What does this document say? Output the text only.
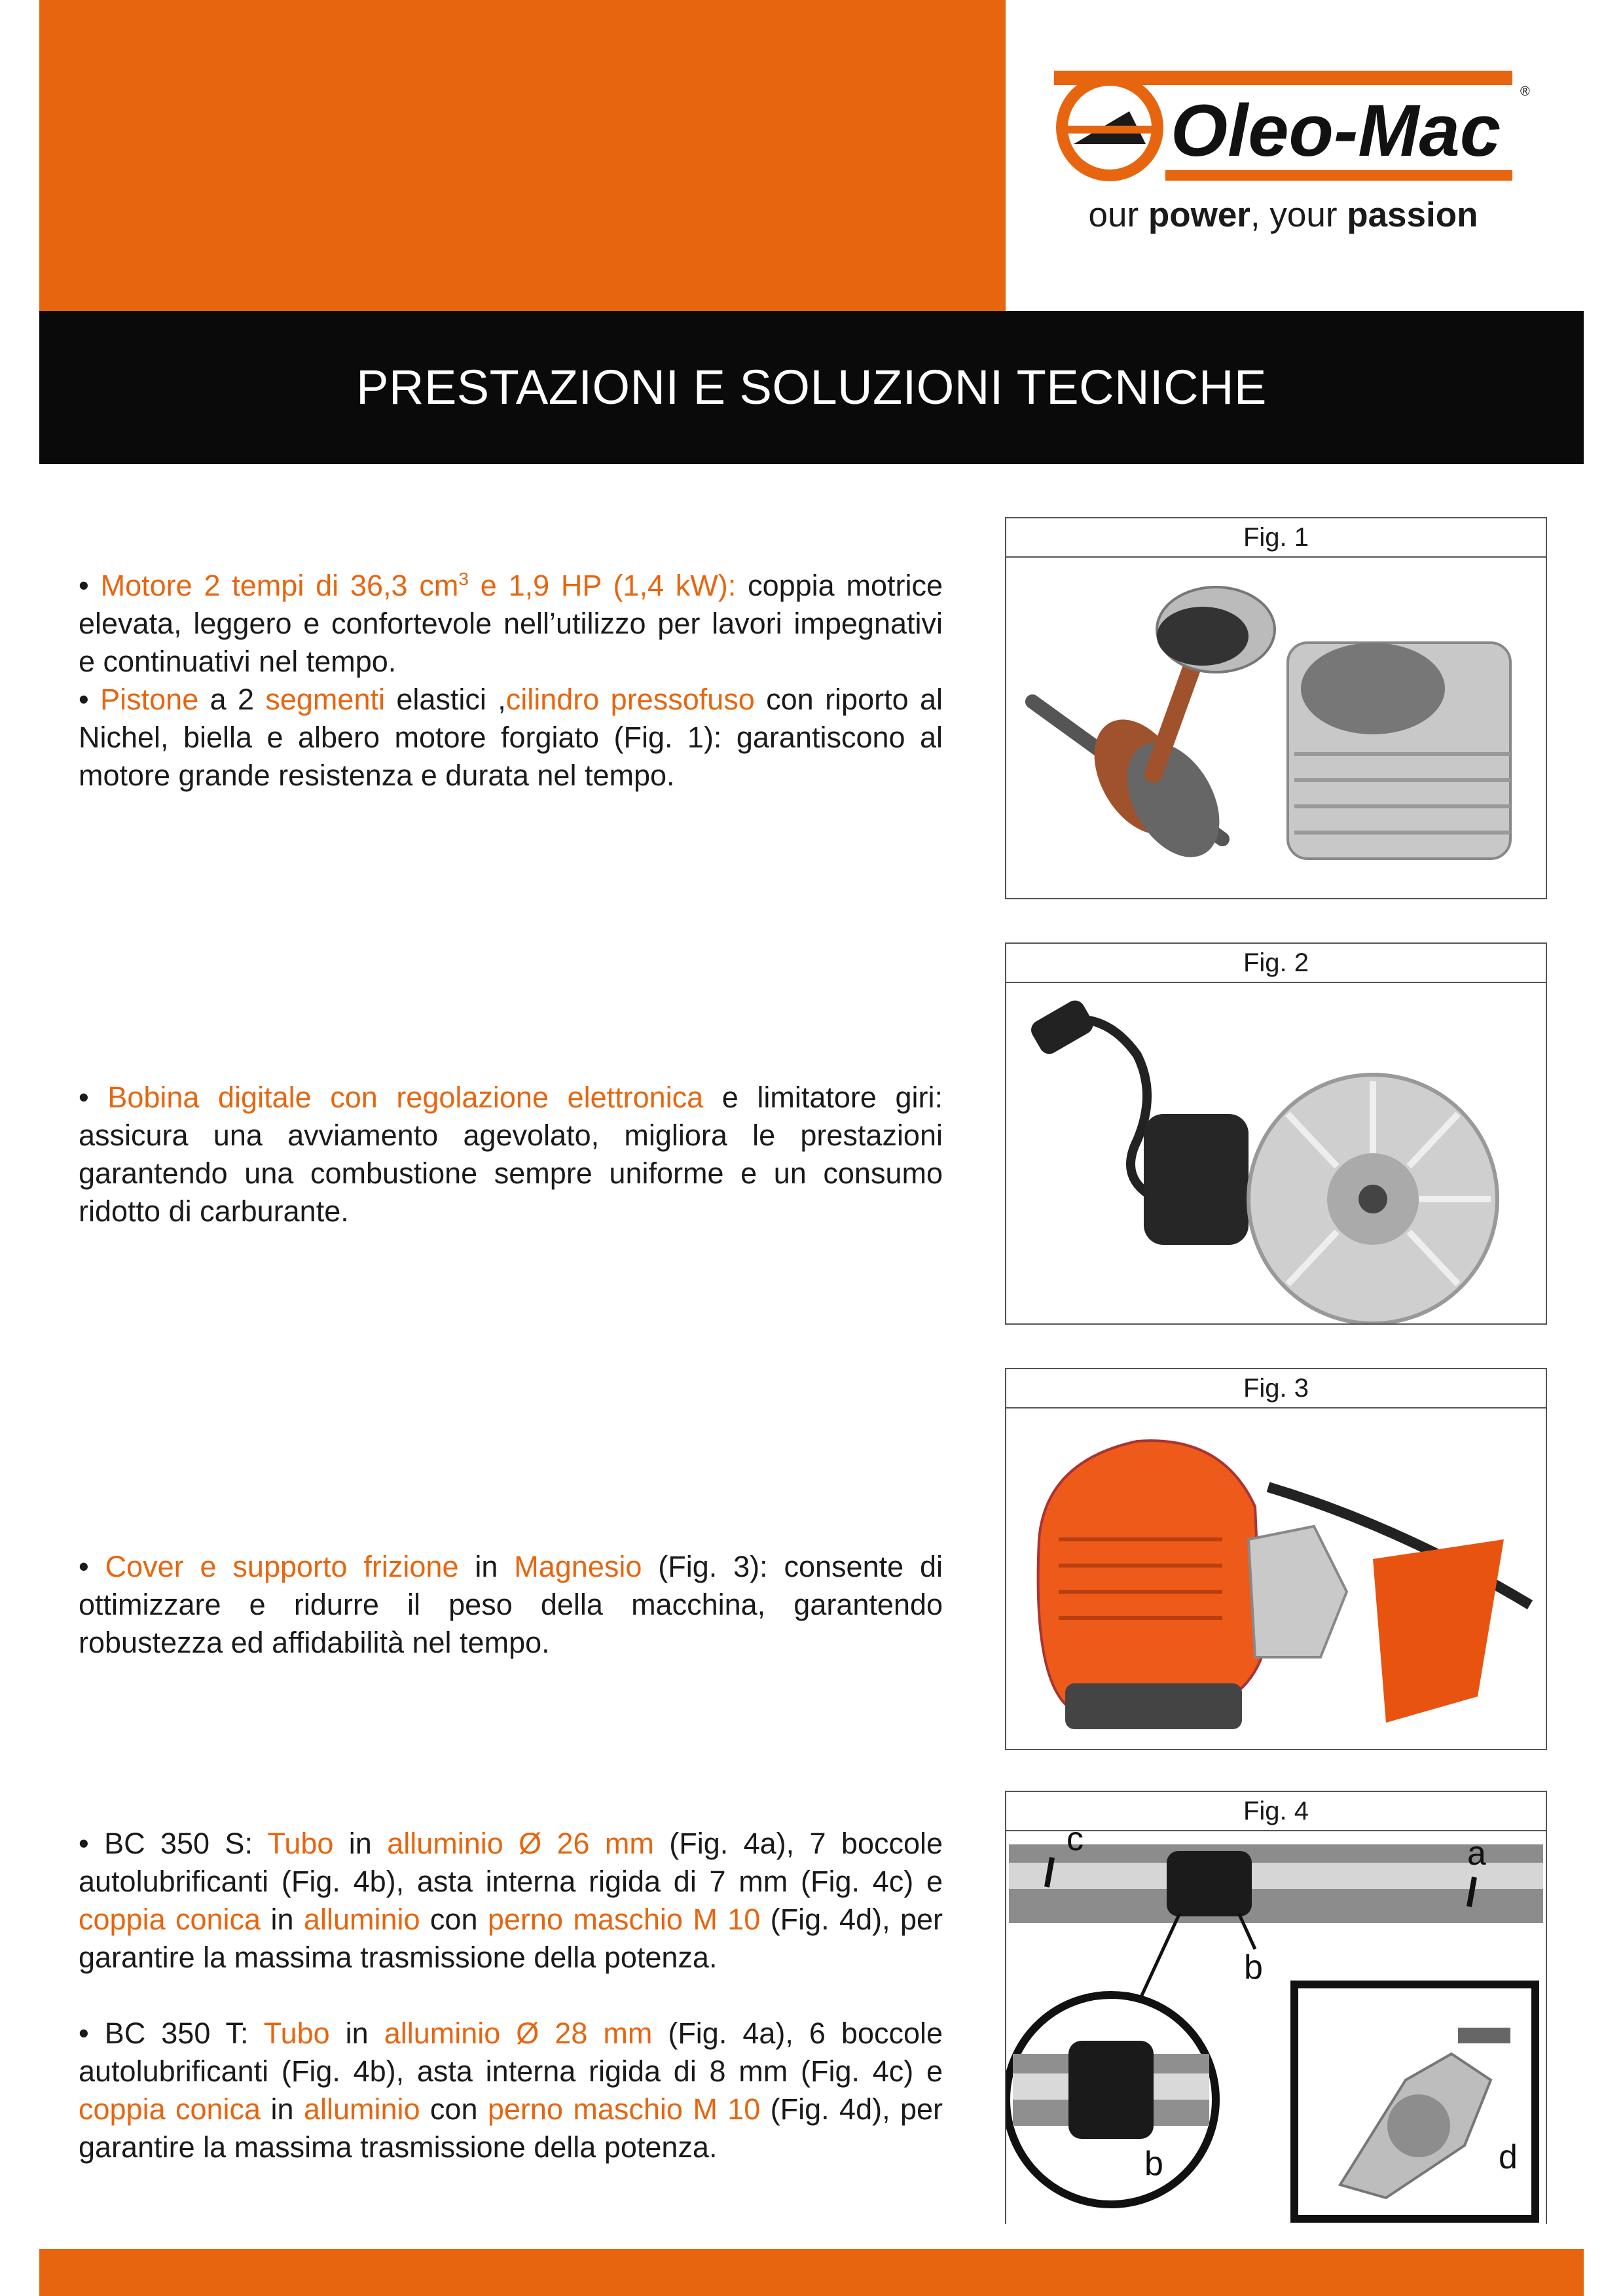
Oleo-Mac ®
our power, your passion
PRESTAZIONI E SOLUZIONI TECNICHE

• Motore 2 tempi di 36,3 $cm^3$ e 1,9 HP (1,4 kW): coppia motrice elevata, leggero e confortevole nell’utilizzo per lavori impegnativi e continuativi nel tempo.

• Pistone a 2 segmenti elastici ,cilindro pressofuso con riporto al Nichel, biella e albero motore forgiato (Fig. 1): garantiscono al motore grande resistenza e durata nel tempo.

Fig. 1

• Bobina digitale con regolazione elettronica e limitatore giri: assicura una avviamento agevolato, migliora le prestazioni garantendo una combustione sempre uniforme e un consumo ridotto di carburante.

Fig. 2

• Cover e supporto frizione in Magnesio (Fig. 3): consente di ottimizzare e ridurre il peso della macchina, garantendo robustezza ed affidabilità nel tempo.

Fig. 3

• BC 350 S: Tubo in alluminio Ø 26 mm (Fig. 4a), 7 boccole autolubrificanti (Fig. 4b), asta interna rigida di 7 mm (Fig. 4c) e coppia conica in alluminio con perno maschio M 10 (Fig. 4d), per garantire la massima trasmissione della potenza.

• BC 350 T: Tubo in alluminio Ø 28 mm (Fig. 4a), 6 boccole autolubrificanti (Fig. 4b), asta interna rigida di 8 mm (Fig. 4c) e coppia conica in alluminio con perno maschio M 10 (Fig. 4d), per garantire la massima trasmissione della potenza.

Fig. 4
c	a
b
b	d
